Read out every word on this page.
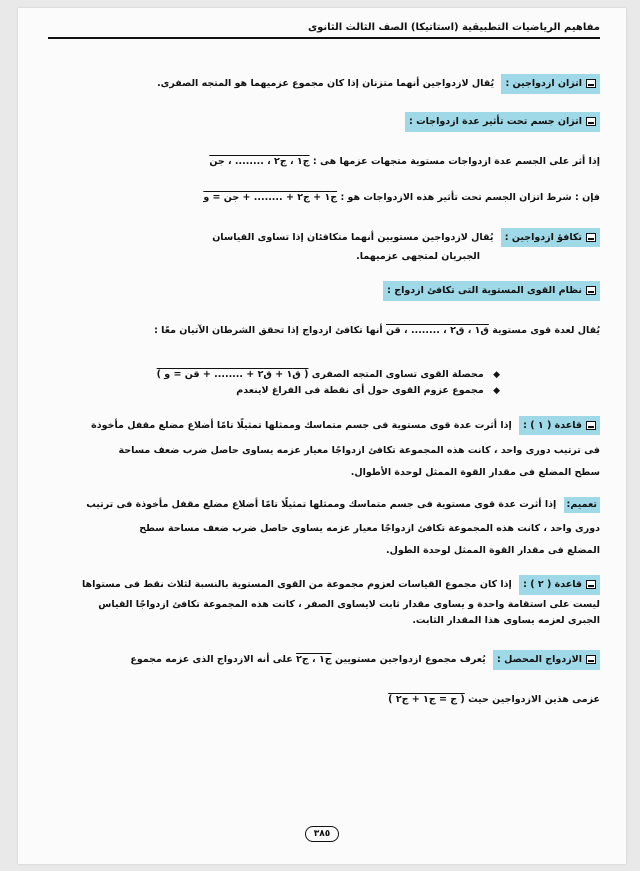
مفاهيم الرياضيات التطبيقية (استاتيكا) الصف الثالث الثانوى
اتزان ازدواجين : يُقال لازدواجين أنهما متزنان إذا كان مجموع عزميهما هو المتجه الصفرى.
اتزان جسم تحت تأثير عدة ازدواجات :
إذا أثر على الجسم عدة ازدواجات مستوية متجهات عزمها هى : ج١ ، ج٢ ، ........ ، جن
فإن : شرط اتزان الجسم تحت تأثير هذه الازدواجات هو : ج١ + ج٢ + ........ + جن = و
تكافؤ ازدواجين : يُقال لازدواجين مستويين أنهما متكافئان إذا تساوى القياسان
الجبريان لمتجهى عزميهما.
نظام القوى المستوية التى تكافئ ازدواج :
يُقال لعدة قوى مستوية ق١ ، ق٢ ، ........ ، قن أنها تكافئ ازدواج إذا تحقق الشرطان الآتيان معًا :
◆ محصلة القوى تساوى المتجه الصفرى ( ق١ + ق٢ + ........ + قن = و )
◆ مجموع عزوم القوى حول أى نقطة فى الفراغ لاينعدم
قاعدة ( ١ ) : إذا أثرت عدة قوى مستوية فى جسم متماسك وممثلها تمثيلًا تامًا أضلاع مضلع مقفل مأخوذة
فى ترتيب دورى واحد ، كانت هذه المجموعة تكافئ ازدواجًا معيار عزمه يساوى حاصل ضرب ضعف مساحة
سطح المضلع فى مقدار القوة الممثل لوحدة الأطوال.
تعميم: إذا أثرت عدة قوى مستوية فى جسم متماسك وممثلها تمثيلًا تامًا أضلاع مضلع مقفل مأخوذة فى ترتيب
دورى واحد ، كانت هذه المجموعة تكافئ ازدواجًا معيار عزمه يساوى حاصل ضرب ضعف مساحة سطح
المضلع فى مقدار القوة الممثل لوحدة الطول.
قاعدة ( ٢ ) : إذا كان مجموع القياسات لعزوم مجموعة من القوى المستوية بالنسبة لثلاث نقط فى مستواها
ليست على استقامة واحدة و يساوى مقدار ثابت لايساوى الصفر ، كانت هذه المجموعة تكافئ ازدواجًا القياس
الجبرى لعزمه يساوى هذا المقدار الثابت.
الازدواج المحصل : يُعرف مجموع ازدواجين مستويين ج١ ، ج٢ على أنه الازدواج الذى عزمه مجموع
عزمى هذين الازدواجين حيث ( ج = ج١ + ج٢ )
٣٨٥
